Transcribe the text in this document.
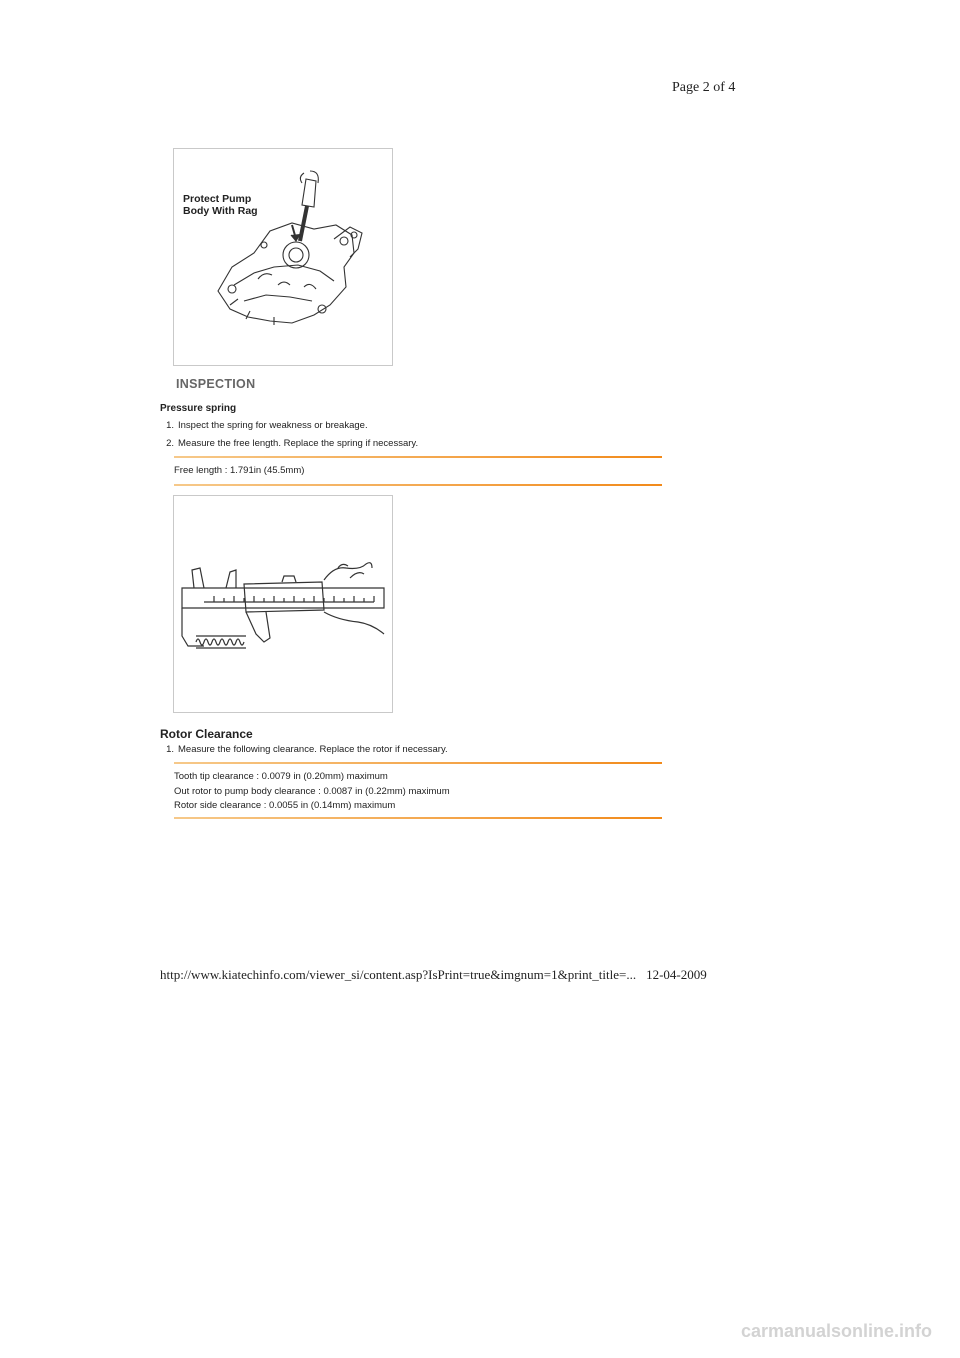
Page 2 of 4
Protect Pump
Body With Rag
INSPECTION
Pressure spring
1. Inspect the spring for weakness or breakage.
2. Measure the free length. Replace the spring if necessary.
Free length : 1.791in (45.5mm)
Rotor Clearance
1. Measure the following clearance. Replace the rotor if necessary.
Tooth tip clearance : 0.0079 in (0.20mm) maximum
Out rotor to pump body clearance : 0.0087 in (0.22mm) maximum
Rotor side clearance : 0.0055 in (0.14mm) maximum
http://www.kiatechinfo.com/viewer_si/content.asp?IsPrint=true&imgnum=1&print_title=... 12-04-2009
carmanualsonline.info
